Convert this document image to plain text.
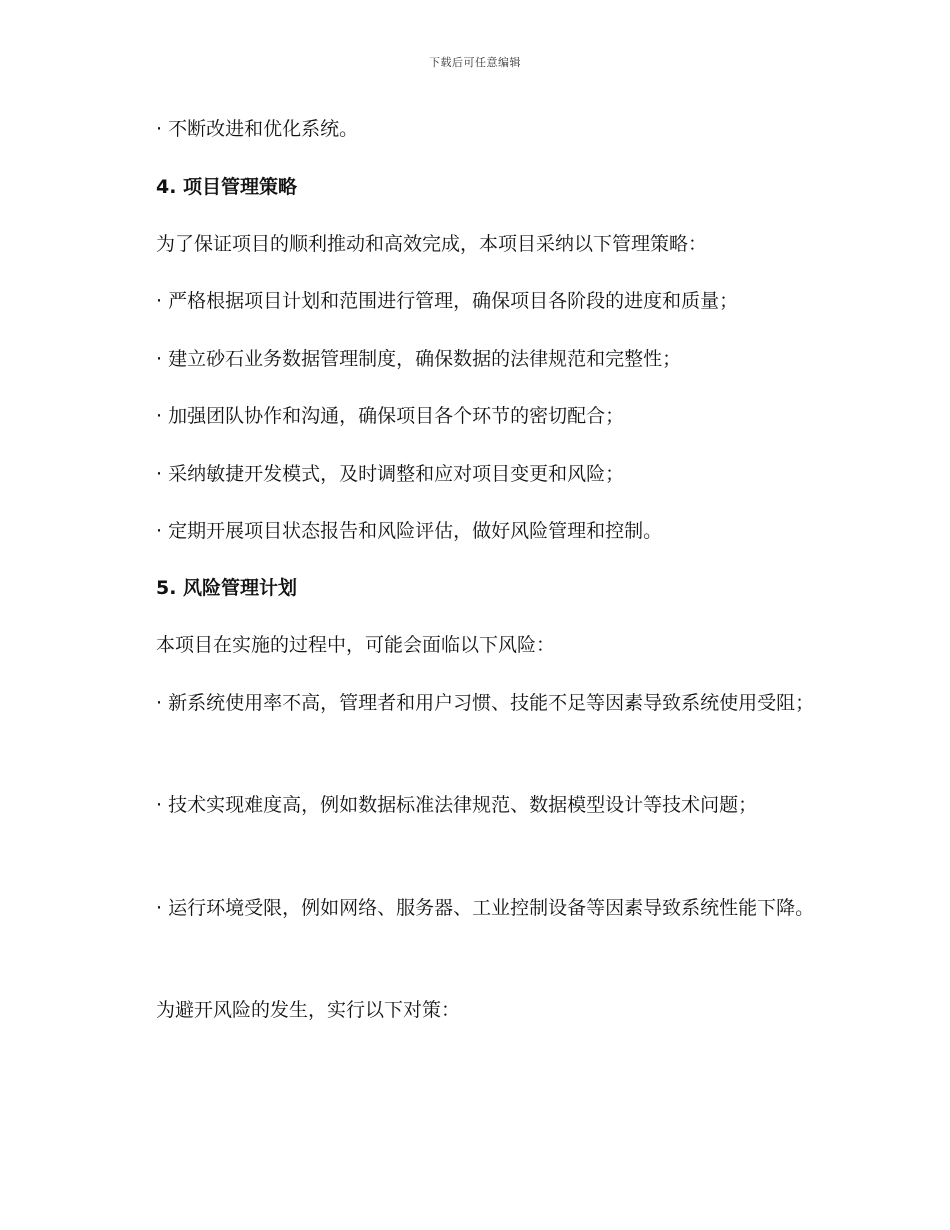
下载后可任意编辑
· 不断改进和优化系统。
4. 项目管理策略
为了保证项目的顺利推动和高效完成，本项目采纳以下管理策略：
· 严格根据项目计划和范围进行管理，确保项目各阶段的进度和质量；
· 建立砂石业务数据管理制度，确保数据的法律规范和完整性；
· 加强团队协作和沟通，确保项目各个环节的密切配合；
· 采纳敏捷开发模式，及时调整和应对项目变更和风险；
· 定期开展项目状态报告和风险评估，做好风险管理和控制。
5. 风险管理计划
本项目在实施的过程中，可能会面临以下风险：
· 新系统使用率不高，管理者和用户习惯、技能不足等因素导致系统使用受阻；
· 技术实现难度高，例如数据标准法律规范、数据模型设计等技术问题；
· 运行环境受限，例如网络、服务器、工业控制设备等因素导致系统性能下降。
为避开风险的发生，实行以下对策：
